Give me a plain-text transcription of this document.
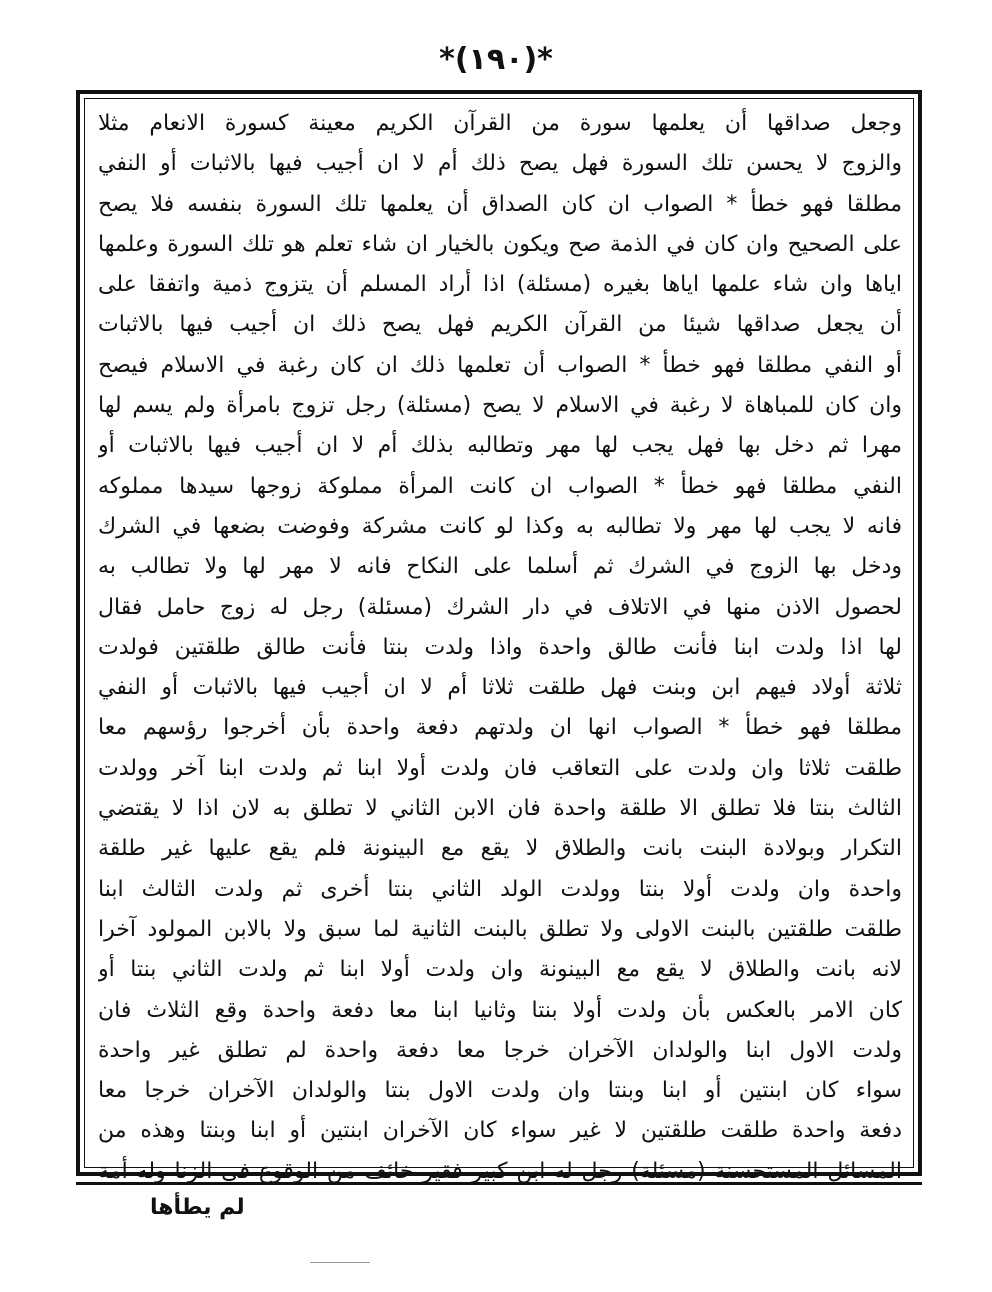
*(۱۹۰)*
وجعل صداقها أن يعلمها سورة من القرآن الكريم معينة كسورة الانعام مثلا
والزوج لا يحسن تلك السورة فهل يصح ذلك أم لا ان أجيب فيها بالاثبات أو النفي
مطلقا فهو خطأ * الصواب ان كان الصداق أن يعلمها تلك السورة بنفسه فلا يصح
على الصحيح وان كان في الذمة صح ويكون بالخيار ان شاء تعلم هو تلك السورة وعلمها
اياها وان شاء علمها اياها بغيره (مسئلة) اذا أراد المسلم أن يتزوج ذمية واتفقا على
أن يجعل صداقها شيئا من القرآن الكريم فهل يصح ذلك ان أجيب فيها بالاثبات
أو النفي مطلقا فهو خطأ * الصواب أن تعلمها ذلك ان كان رغبة في الاسلام فيصح
وان كان للمباهاة لا رغبة في الاسلام لا يصح (مسئلة) رجل تزوج بامرأة ولم يسم لها
مهرا ثم دخل بها فهل يجب لها مهر وتطالبه بذلك أم لا ان أجيب فيها بالاثبات أو
النفي مطلقا فهو خطأ * الصواب ان كانت المرأة مملوكة زوجها سيدها مملوكه
فانه لا يجب لها مهر ولا تطالبه به وكذا لو كانت مشركة وفوضت بضعها في الشرك
ودخل بها الزوج في الشرك ثم أسلما على النكاح فانه لا مهر لها ولا تطالب به
لحصول الاذن منها في الاتلاف في دار الشرك (مسئلة) رجل له زوج حامل فقال
لها اذا ولدت ابنا فأنت طالق واحدة واذا ولدت بنتا فأنت طالق طلقتين فولدت
ثلاثة أولاد فيهم ابن وبنت فهل طلقت ثلاثا أم لا ان أجيب فيها بالاثبات أو النفي
مطلقا فهو خطأ * الصواب انها ان ولدتهم دفعة واحدة بأن أخرجوا رؤسهم معا
طلقت ثلاثا وان ولدت على التعاقب فان ولدت أولا ابنا ثم ولدت ابنا آخر وولدت
الثالث بنتا فلا تطلق الا طلقة واحدة فان الابن الثاني لا تطلق به لان اذا لا يقتضي
التكرار وبولادة البنت بانت والطلاق لا يقع مع البينونة فلم يقع عليها غير طلقة
واحدة وان ولدت أولا بنتا وولدت الولد الثاني بنتا أخرى ثم ولدت الثالث ابنا
طلقت طلقتين بالبنت الاولى ولا تطلق بالبنت الثانية لما سبق ولا بالابن المولود آخرا
لانه بانت والطلاق لا يقع مع البينونة وان ولدت أولا ابنا ثم ولدت الثاني بنتا أو
كان الامر بالعكس بأن ولدت أولا بنتا وثانيا ابنا معا دفعة واحدة وقع الثلاث فان
ولدت الاول ابنا والولدان الآخران خرجا معا دفعة واحدة لم تطلق غير واحدة
سواء كان ابنتين أو ابنا وبنتا وان ولدت الاول بنتا والولدان الآخران خرجا معا
دفعة واحدة طلقت طلقتين لا غير سواء كان الآخران ابنتين أو ابنا وبنتا وهذه من
المسائل المستحسنة (مسئلة) رجل له ابن كبير فقير خائف من الوقوع في الزنا وله أمة
لم يطأها
